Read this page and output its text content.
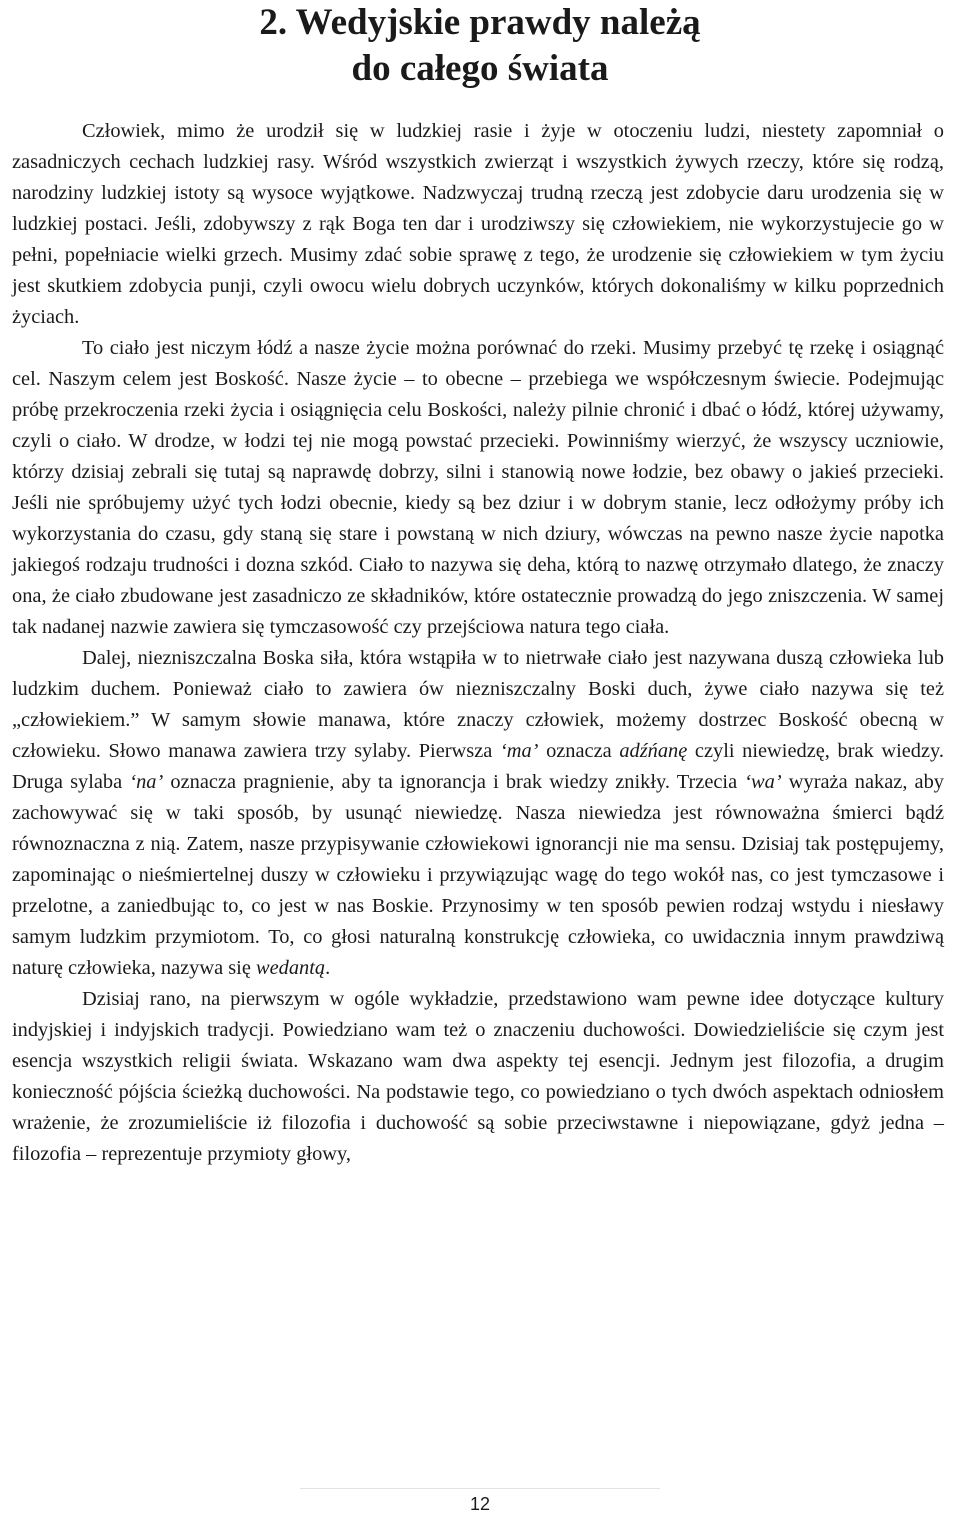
2. Wedyjskie prawdy należą
do całego świata

Człowiek, mimo że urodził się w ludzkiej rasie i żyje w otoczeniu ludzi, niestety zapomniał o zasadniczych cechach ludzkiej rasy. Wśród wszystkich zwierząt i wszystkich żywych rzeczy, które się rodzą, narodziny ludzkiej istoty są wysoce wyjątkowe. Nadzwyczaj trudną rzeczą jest zdobycie daru urodzenia się w ludzkiej postaci. Jeśli, zdobywszy z rąk Boga ten dar i urodziwszy się człowiekiem, nie wykorzystujecie go w pełni, popełniacie wielki grzech. Musimy zdać sobie sprawę z tego, że urodzenie się człowiekiem w tym życiu jest skutkiem zdobycia punji, czyli owocu wielu dobrych uczynków, których dokonaliśmy w kilku poprzednich życiach.

To ciało jest niczym łódź a nasze życie można porównać do rzeki. Musimy przebyć tę rzekę i osiągnąć cel. Naszym celem jest Boskość. Nasze życie – to obecne – przebiega we współczesnym świecie. Podejmując próbę przekroczenia rzeki życia i osiągnięcia celu Boskości, należy pilnie chronić i dbać o łódź, której używamy, czyli o ciało. W drodze, w łodzi tej nie mogą powstać przecieki. Powinniśmy wierzyć, że wszyscy uczniowie, którzy dzisiaj zebrali się tutaj są naprawdę dobrzy, silni i stanowią nowe łodzie, bez obawy o jakieś przecieki. Jeśli nie spróbujemy użyć tych łodzi obecnie, kiedy są bez dziur i w dobrym stanie, lecz odłożymy próby ich wykorzystania do czasu, gdy staną się stare i powstaną w nich dziury, wówczas na pewno nasze życie napotka jakiegoś rodzaju trudności i dozna szkód. Ciało to nazywa się deha, którą to nazwę otrzymało dlatego, że znaczy ona, że ciało zbudowane jest zasadniczo ze składników, które ostatecznie prowadzą do jego zniszczenia. W samej tak nadanej nazwie zawiera się tymczasowość czy przejściowa natura tego ciała.

Dalej, niezniszczalna Boska siła, która wstąpiła w to nietrwałe ciało jest nazywana duszą człowieka lub ludzkim duchem. Ponieważ ciało to zawiera ów niezniszczalny Boski duch, żywe ciało nazywa się też „człowiekiem.” W samym słowie manawa, które znaczy człowiek, możemy dostrzec Boskość obecną w człowieku. Słowo manawa zawiera trzy sylaby. Pierwsza ‘ma’ oznacza adźńanę czyli niewiedzę, brak wiedzy. Druga sylaba ‘na’ oznacza pragnienie, aby ta ignorancja i brak wiedzy znikły. Trzecia ‘wa’ wyraża nakaz, aby zachowywać się w taki sposób, by usunąć niewiedzę. Nasza niewiedza jest równoważna śmierci bądź równoznaczna z nią. Zatem, nasze przypisywanie człowiekowi ignorancji nie ma sensu. Dzisiaj tak postępujemy, zapominając o nieśmiertelnej duszy w człowieku i przywiązując wagę do tego wokół nas, co jest tymczasowe i przelotne, a zaniedbując to, co jest w nas Boskie. Przynosimy w ten sposób pewien rodzaj wstydu i niesławy samym ludzkim przymiotom. To, co głosi naturalną konstrukcję człowieka, co uwidacznia innym prawdziwą naturę człowieka, nazywa się wedantą.

Dzisiaj rano, na pierwszym w ogóle wykładzie, przedstawiono wam pewne idee dotyczące kultury indyjskiej i indyjskich tradycji. Powiedziano wam też o znaczeniu duchowości. Dowiedzieliście się czym jest esencja wszystkich religii świata. Wskazano wam dwa aspekty tej esencji. Jednym jest filozofia, a drugim konieczność pójścia ścieżką duchowości. Na podstawie tego, co powiedziano o tych dwóch aspektach odniosłem wrażenie, że zrozumieliście iż filozofia i duchowość są sobie przeciwstawne i niepowiązane, gdyż jedna – filozofia – reprezentuje przymioty głowy,

12
